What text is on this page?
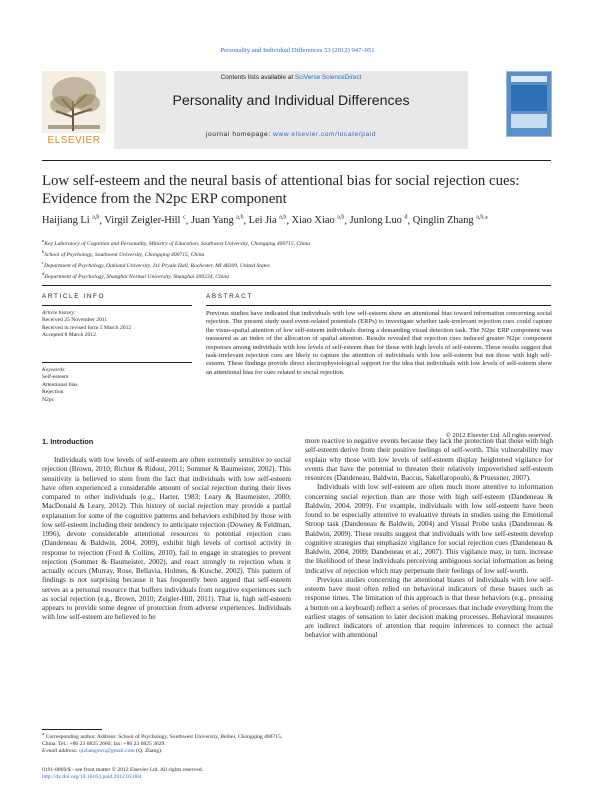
Personality and Individual Differences 53 (2012) 947–951
ELSEVIER
Contents lists available at SciVerse ScienceDirect
Personality and Individual Differences
journal homepage: www.elsevier.com/locate/paid
Low self-esteem and the neural basis of attentional bias for social rejection cues: Evidence from the N2pc ERP component
Haijiang Li $^{a,b}$, Virgil Zeigler-Hill $^c$, Juan Yang $^{a,b}$, Lei Jia $^{a,b}$, Xiao Xiao $^{a,b}$, Junlong Luo $^d$, Qinglin Zhang $^{a,b,⁎}$
$^a$Key Laboratory of Cognition and Personality, Ministry of Education, Southwest University, Chongqing 400715, China
$^b$School of Psychology, Southwest University, Chongqing 400715, China
$^c$Department of Psychology, Oakland University, 111 Pryale Hall, Rochester, MI 48309, United States
$^d$Department of Psychology, Shanghai Normal University, Shanghai 200234, China
ARTICLE INFO	ABSTRACT
Article history:
Received 25 November 2011
Received in revised form 5 March 2012
Accepted 8 March 2012
Keywords:
Self-esteem
Attentional bias
Rejection
N2pc
Previous studies have indicated that individuals with low self-esteem show an attentional bias toward information concerning social rejection. The present study used event-related potentials (ERPs) to investigate whether task-irrelevant rejection cues could capture the visuo-spatial attention of low self-esteem individuals during a demanding visual detection task. The N2pc ERP component was measured as an index of the allocation of spatial attention. Results revealed that rejection cues induced greater N2pc component responses among individuals with low levels of self-esteem than for those with high levels of self-esteem. These results suggest that task-irrelevant rejection cues are likely to capture the attention of individuals with low self-esteem but not those with high self-esteem. These findings provide direct electrophysiological support for the idea that individuals with low levels of self-esteem show an attentional bias for cues related to social rejection.
© 2012 Elsevier Ltd. All rights reserved.
1. Introduction

Individuals with low levels of self-esteem are often extremely sensitive to social rejection (Brown, 2010; Richter & Ridout, 2011; Sommer & Baumeister, 2002). This sensitivity is believed to stem from the fact that individuals with low self-esteem have often experienced a considerable amount of social rejection during their lives compared to other individuals (e.g., Harter, 1983; Leary & Baumeister, 2000; MacDonald & Leary, 2012). This history of social rejection may provide a partial explanation for some of the cognitive patterns and behaviors exhibited by those with low self-esteem including their tendency to anticipate rejection (Downey & Feldman, 1996), devote considerable attentional resources to potential rejection cues (Dandeneau & Baldwin, 2004, 2009), exhibit high levels of cortisol activity in response to rejection (Ford & Collins, 2010), fail to engage in strategies to prevent rejection (Sommer & Baumeister, 2002), and react strongly to rejection when it actually occurs (Murray, Rose, Bellavia, Holmes, & Kusche, 2002). This pattern of findings is not surprising because it has frequently been argued that self-esteem serves as a personal resource that buffers individuals from negative experiences such as social rejection (e.g., Brown, 2010; Zeigler-Hill, 2011). That is, high self-esteem appears to provide some degree of protection from adverse experiences. Individuals with low self-esteem are believed to be

more reactive to negative events because they lack the protection that those with high self-esteem derive from their positive feelings of self-worth. This vulnerability may explain why those with low levels of self-esteem display heightened vigilance for events that have the potential to threaten their relatively impoverished self-esteem resources (Dandeneau, Baldwin, Baccus, Sakellaropoulo, & Pruessner, 2007).

Individuals with low self-esteem are often much more attentive to information concerning social rejection than are those with high self-esteem (Dandeneau & Baldwin, 2004, 2009). For example, individuals with low self-esteem have been found to be especially attentive to evaluative threats in studies using the Emotional Stroop task (Dandeneau & Baldwin, 2004) and Visual Probe tasks (Dandeneau & Baldwin, 2009). These results suggest that individuals with low self-esteem develop cognitive strategies that emphasize vigilance for social rejection cues (Dandeneau & Baldwin, 2004, 2009; Dandeneau et al., 2007). This vigilance may, in turn, increase the likelihood of these individuals perceiving ambiguous social information as being indicative of rejection which may perpetuate their feelings of low self-worth.

Previous studies concerning the attentional biases of individuals with low self-esteem have most often relied on behavioral indicators of these biases such as response times. The limitation of this approach is that these behaviors (e.g., pressing a button on a keyboard) reflect a series of processes that include everything from the earliest stages of sensation to later decision making processes. Behavioral measures are indirect indicators of attention that require inferences to connect the actual behavior with attentional

⁎ Corresponding author. Address: School of Psychology, Southwest University, Beibei, Chongqing 400715, China. Tel.: +86 23 6825 2660; fax: +86 23 6825 3629.
E-mail address: qlzhangswu@gmail.com (Q. Zhang).
0191-8869/$ - see front matter © 2012 Elsevier Ltd. All rights reserved.
http://dx.doi.org/10.1016/j.paid.2012.03.004
